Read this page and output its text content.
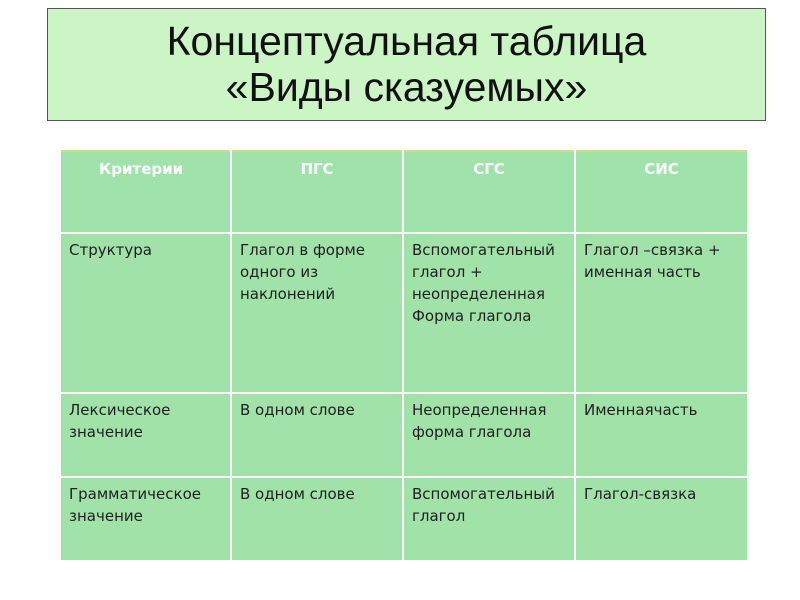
Концептуальная таблица
«Виды сказуемых»
Критерии	ПГС	СГС	СИС
Структура	Глагол в форме одного из наклонений	Вспомогательный глагол + неопределенная Форма глагола	Глагол –связка + именная часть
Лексическое значение	В одном слове	Неопределенная форма глагола	Именнаячасть
Грамматическое значение	В одном слове	Вспомогательный глагол	Глагол-связка
